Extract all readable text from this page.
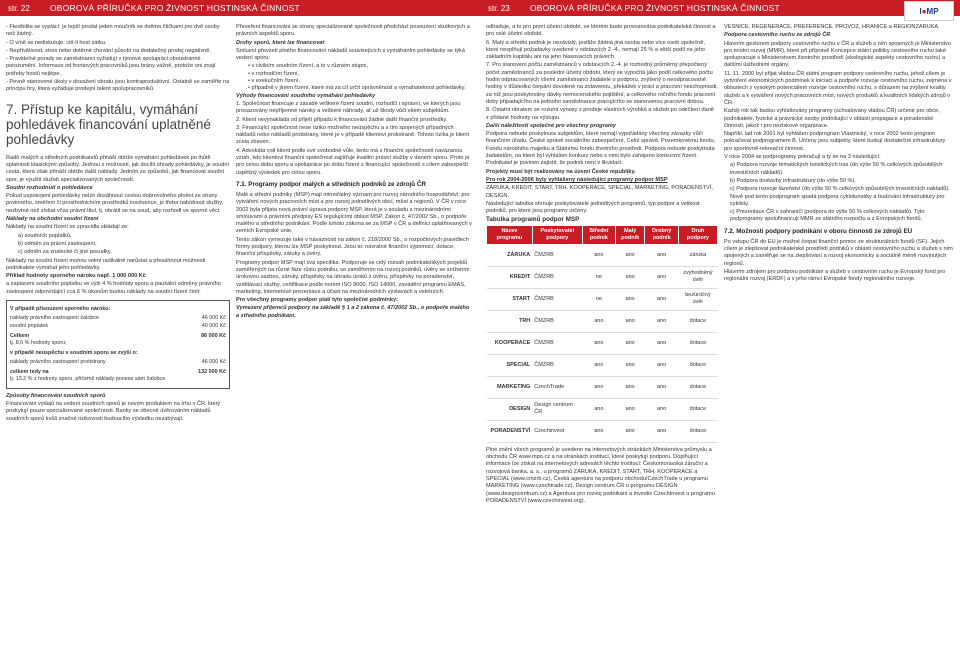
str. 22	OBOROVÁ PŘÍRUČKA PRO ŽIVNOST HOSTINSKÁ ČINNOST

- Flexibilita se vyplácí: je lepší prodat jeden moučník se dvěma čtičkami pro dvě osoby než žádný.

- O víně se nediskutuje, cití-li host zátku.

- Nepřívětivost, stres nebo dotěrné chování působí na dodatečný prodej negativně.

- Pravidelné porady se zaměstnanci vyžadují v týmové spolupráci oboustranné porozumění. Informace od frontových pracovníků jsou brány vážně, protože oni znají potřeby hostů nejlépe.

- Pevně stanovené úkoly v dosažení obratu jsou kontraproduktivní. Ostatně se zaměřte na principu hry, která vyžaduje prodejní talent spolupracovníků.

7. Přístup ke kapitálu, vymáhání pohledávek financování uplatněné pohledávky

Radě malých a středních podnikatelů přináší obtíže vymáhání pohledávek po lhůtě splatnosti klasickými způsoby. Jednou z možností, jak docílit úhrady pohledávky, je soudní cesta, která však přináší obtíže další náklady. Jedním ze způsobů, jak financovat soudní spor, je využití služeb specializovaných společností.

Soudní rozhodnutí o pohledávce

Pokud uspokojení pohledávky nelze dosáhnout cestou dobrovolného plnění ze strany povinného, směřem či prostřednictvím prostředků insolvence, je třeba nabídnout služby, nezbytné než získat včas právní titul, tj. obrátit se na soud, aby rozhodl ve sporné věci.

Náklady na obchodní soudní řízení

Náklady na soudní řízení se zpravidla skládají ze:

a) soudních poplatků,

b) odměn za právní zastoupení,

c) odměn za znalecké či jiné posudky.

Náklady na soudní řízení mohou velmi radikálně narůstat a přesáhnout možnosti podnikatele vymáhat jeho pohledávky.

Příklad hodnoty sporného nároku např. 1 000 000 Kč

a zaplacení soudního poplatku ve výši 4 % hodnoty sporu a paušální odměny právního zastoupení odpovídající cca 6 % úkonům budou náklady na soudní řízení činit:

V případě přisouzení sporného nároku:

náklady právního zastoupení žalobce	46 000 Kč
soudní poplatek	40 000 Kč
Celkem	86 000 Kč

tj. 8,6 % hodnoty sporu;

v případě neúspěchu v soudním sporu se zvýší o:

náklady právního zastoupení protistrany	46 000 Kč
celkem tedy na	132 000 Kč

tj. 13,2 % z hodnoty sporu, přičemž náklady ponese sám žalobce

Způsoby financování soudních sporů

Financování výdajů na vedení soudních sporů je novým produktem na trhu v ČR, který poskytují pouze specializované společnosti. Banky se obecně úvěrováním nákladů soudních sporů kvůli značné rizikovosti budoucího výsledku nezabývají.

Převeření financování se strany specializované společnosti předchází posouzení skutkových a právních aspektů sporu.

Druhy sporů, které lze financovat

Smluvní převzetí plného financování nákladů souvisejících s vymáháním pohledávky se týká vedení sporu:

• v civilním soudním řízení, a to v různém stupni,
• v rozhodčím řízení,
• v exekučním řízení,
• případně v jiném řízení, které má za cíl určit oprávněnost a vymahatelnost pohledávky.

Výhody financování soudního vymáhání pohledávky

1. Společnost financuje z zásadě veškeré řízení soudní, rozhodčí i správní, ve kterých jsou prosazovány nepříjemné nároky a veškeré náhrady, ať už škody vůči všem subjektům.

2. Klient nevynakládá od přijetí případu k financování žádné další finanční prostředky.

3. Financující společnost nese riziko možného neúspěchu a s tím spojených případných nákladů nebo nákladů protistrany, které je v případě klientovi protistraně. Tohoto rizika je klient zcela zbaven.

4. Advokáta volí klient podle své svobodné vůle, tento má s finanční společností navázanou vztah, kdo klientovi finanční společnost zajišťuje kvalitní právní služby v daném sporu. Proto je pro celou dobu sporu a spolupráce po dobu řízení s financující společností s cílem zabezpečit úspěšný výsledek pro celou sporu.

7.1. Programy podpor malých a středních podniků ze zdrojů ČR

Malé a střední podniky (MSP) mají mimořádný význam pro rozvoj národního hospodářství, pro vytváření nových pracovních míst a pro rozvoj jednotlivých obcí, měst a regionů. V ČR v roce 2002 byla přijata nová právní úprava podpory MSP, která je v souladu s mezinárodními smlouvami a právními předpisy ES regulujícími oblast MSP. Zákon č. 47/2002 Sb., o podpoře malého a středního podnikání. Podle tohoto zákona se za MSP v ČR a definici uplatňovaných v zemích Evropské unie.

Tento zákon vymezuje také v návaznosti na zákon č. 218/2000 Sb., o rozpočtových pravidlech formy podpory, kterou lze MSP poskytnout. Jsou to: návratné finanční výpomoci, dotace, finanční příspěvky, záruky a úvěry.

Programy podpor MSP mají svá specifika. Podporuje se celý rozsah podnikatelských projektů zaměřených na různé fáze růstu podniku, se zaměřením na rozvoj podniků, úvěry se snížením úrokovou sazbou, záruky, příspěvky na úhradu úroků z úvěru, příspěvky na poradenství, vzdělávací služby, certifikace podle norem ISO 9000, ISO 14000, zavádění programu EMAS, marketing, internetové prezentace a účast na mezinárodních výstavách a veletrzích.

Pro všechny programy podpor platí tyto společné podmínky:

Vymezení příjemců podpory na základě § 1 a 2 zákona č. 47/2002 Sb., o podpoře malého a středního podnikání.

str. 23	OBOROVÁ PŘÍRUČKA PRO ŽIVNOST HOSTINSKÁ ČINNOST	I ● MP

odhaduje, a to pro první účetní období, ve kterém bude provozována podnikatelská činnost a pro celé účetní období.

6. Malý a střední podnik je nezávislý, jestliže žádná jiná osoba nebo více osob společně, které nesplňují požadavky uvedené v odstavcích 2.-4., nemají 25 % a větší podíl na jeho základním kapitálu ani na jeho hlasovacích právech.

7. Pro stanovení počtu zaměstnanců v odstavcích 2.-4. je rozhodný průměrný přepočtený počet zaměstnanců za poslední účetní období, který se vypočítá jako podíl celkového počtu hodin odpracovaných všemi zaměstnanci žadatele o podporu, zvýšený o neodpracované hodiny v důsledku čerpání dovolené na zotavenou, překážek v práci a pracovní neschopnosti, za níž jsou poskytovány dávky nemocenského pojištění, a celkového ročního fondu pracovní doby připadajícího na jednoho zaměstnance pracujícího se stanovenou pracovní dobou.

8. Ostatní obratem se rozumí výnosy z prodeje vlastních výrobků a služeb po odečtení daně z přidané hodnoty na výstupu.

Další náležitosti společné pro všechny programy

Podpora nebude poskytnuta subjektům, které nemají vypořádány všechny závazky vůči finančním úřadu, České správě sociálního zabezpečení, Celní správě, Pozemkovému fondu, Fondu národního majetku a Státnímu fondu životního prostředí. Podpora nebude poskytnuta žadatelům, na které byl vyhlášen konkurz nebo s nimi bylo zahájeno konkurzní řízení. Podnikatel je povinen zajistit, že podnik není v likvidaci.

Projekty musí být realizovány na území České republiky.

Pro rok 2004-2006 byly vyhlášeny následující programy podpor MSP

ZÁRUKA, KREDIT, START, TRH, KOOPERACE, SPECIAL, MARKETING, PORADENSTVÍ, DESIGN.

Následující tabulka shrnuje poskytovatele jednotlivých programů, typ podpor a velikost podniků, pro které jsou programy určeny:

Tabulka programů podpor MSP

Název programu	Poskytovatel podpory	Střední podnik	Malý podnik	Drobný podnik	Druh podpory
ZÁRUKA	ČMZRB	ano	ano	ano	záruka
KREDIT	ČMZRB	ne	ano	ano	zvýhodněný úvěr
START	ČMZRB	ne	ano	ano	bezúročný úvěr
TRH	ČMZRB	ano	ano	ano	dotace
KOOPERACE	ČMZRB	ano	ano	ano	dotace
SPECIAL	ČMZRB	ano	ano	ano	dotace
MARKETING	CzechTrade	ano	ano	ano	dotace
DESIGN	Design centrum ČR	ano	ano	ano	dotace
PORADENSTVÍ	Czechinvest	ano	ano	ano	dotace

Plné znění všech programů je uvedeno na internetových stránkách Ministerstva průmyslu a obchodu ČR www.mpo.cz a na stránkách institucí, které poskytují podporu. Doplňující informace lze získat na internetových adresách těchto institucí: Českomoravská záruční a rozvojová banka, a. s., u programů ZÁRUKA, KREDIT, START, TRH, KOOPERACE a SPECIAL (www.cmzrb.cz), Česká agentura na podporu obchodu/CzechTrade u programu MARKETING (www.czechtrade.cz), Design centrum ČR u programu DESIGN (www.designcentrum.cz) a Agentura pro rozvoj podnikání a investic CzechInvest u programu PORADENSTVÍ (www.czechinvest.org).

VESNICE, REGENERACE, PREFERENCE, PROVOZ, HRANICE a REGIONZÁRUKA.

Podpora cestovního ruchu ze zdrojů ČR

Hlavním gestorem podpory cestovního ruchu v ČR a služeb s ním spojených je Ministerstvo pro místní rozvoj (MMR), které při přípravě Koncepce státní politiky cestovního ruchu také spolupracuje s Ministerstvem životního prostředí (ekologické aspekty cestovního ruchu) a dalšími ústředními orgány.

11. 11. 2000 byl přijat vládou ČR státní program podpory cestovního ruchu, jehož cílem je vytvoření ekonomických podmínek k iniciaci a podpoře rozvoje cestovního ruchu, zejména v oblastech s vysokým potenciálem rozvoje cestovního ruchu, s důrazem na zvýšení kvality služeb a k vytváření nových pracovních míst, nových produktů a kvalitních lidských zdrojů v ČR.

Každý rok tak budou vyhlašovány programy (schvalovány vládou ČR) určené pro obce, podnikatele, fyzické a právnické osoby podnikající v oblasti propagace a poradenské činnosti, jakož i pro neziskové organizace.

Napříkl. lad rok 2001 byl vyhlášen podprogram Vlastnický, v roce 2002 tento program pokračoval podprogramem B. Určeny jsou subjekty, které budují dostatečné infrastruktury pro sportovně-rekreační činnost.

V roce 2004 se podprogramy pokračují a ty se na 3 následující:

a) Podpora rozvoje tématických turistických tras (do výše 50 % celkových způsobilých investičních nákladů).

b) Podpora dostavby infrastruktury (do výše 50 %).

c) Podpora rozvoje lázeňství (do výše 50 % celkových způsobilých investičních nákladů). Nově pod tento podprogram spadá podpora cykloturistiky a budování infrastruktury pro cyklisty.

c) Prezentace ČR v zahraničí (podpora do výše 50 % celkových nákladů). Tyto podprogramy spolufinancují MMR ze státního rozpočtu a z Evropských fondů.

7.2. Možnosti podpory podnikání v oboru činnosti ze zdrojů EU

Po vstupu ČR do EU je možné čerpat finanční pomoc ze strukturálních fondů (SF). Jejich cílem je zlepšovat podnikatelské prostředí podniků v oblasti cestovního ruchu a služeb s ním spojených a zaměřuje se na zlepšování a rozvoj ekonomicky a sociálně méně rozvinutých regionů.

Hlavním zdrojem pro podporu podnikání a služeb v cestovním ruchu je Evropský fond pro regionální rozvoj (ERDF) a v jeho rámci Evropské fondy regionálního rozvoje.
